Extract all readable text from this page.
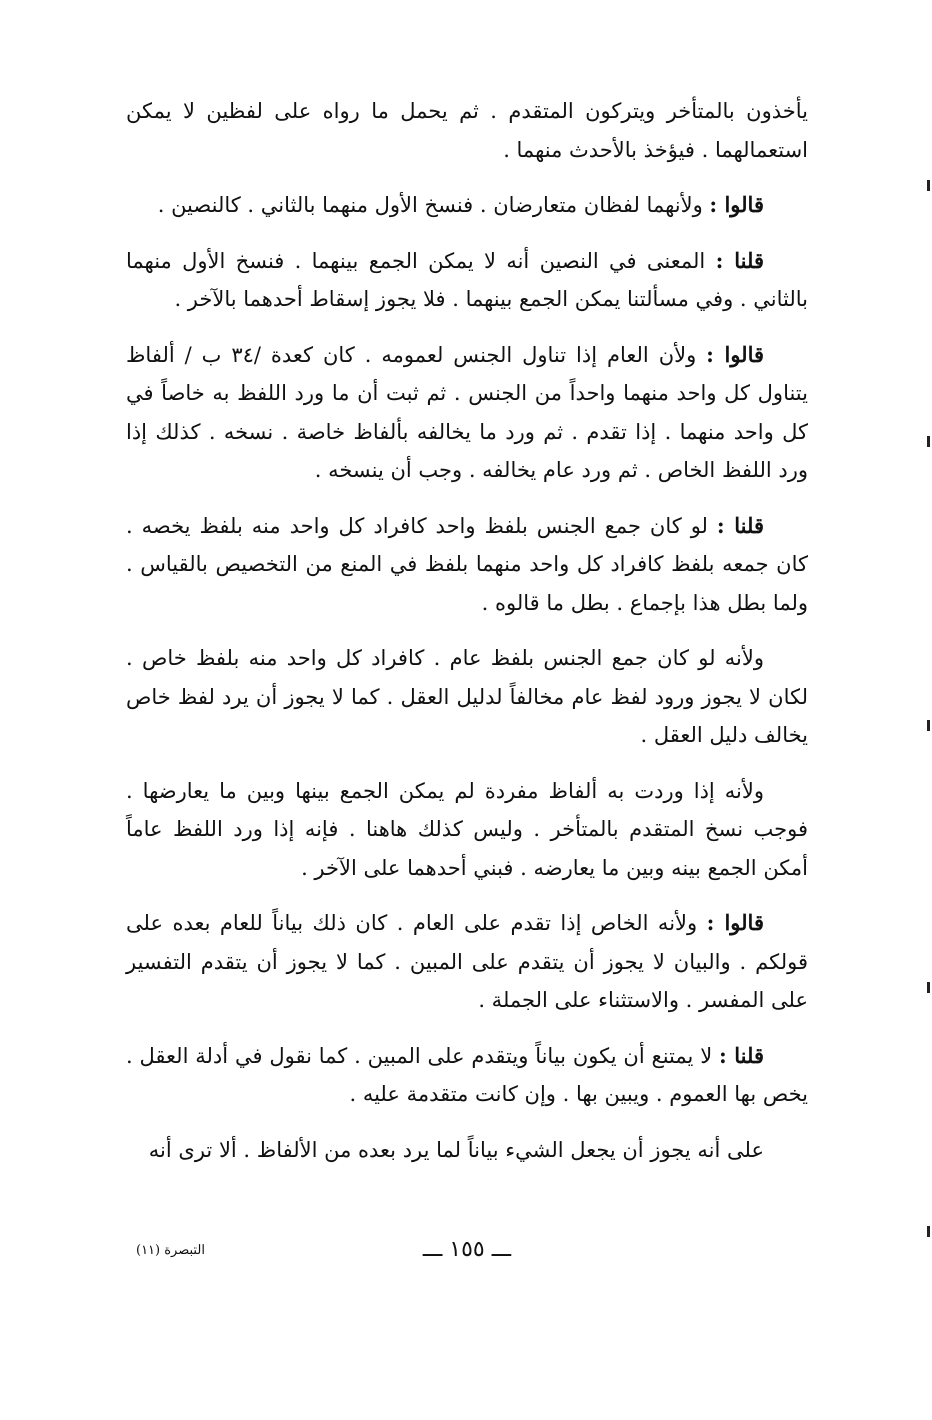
يأخذون بالمتأخر ويتركون المتقدم . ثم يحمل ما رواه على لفظين لا يمكن استعمالهما . فيؤخذ بالأحدث منهما .

قالوا : ولأنهما لفظان متعارضان . فنسخ الأول منهما بالثاني . كالنصين .

قلنا : المعنى في النصين أنه لا يمكن الجمع بينهما . فنسخ الأول منهما بالثاني . وفي مسألتنا يمكن الجمع بينهما . فلا يجوز إسقاط أحدهما بالآخر .

قالوا : ولأن العام إذا تناول الجنس لعمومه . كان كعدة /٣٤ ب / ألفاظ يتناول كل واحد منهما واحداً من الجنس . ثم ثبت أن ما ورد اللفظ به خاصاً في كل واحد منهما . إذا تقدم . ثم ورد ما يخالفه بألفاظ خاصة . نسخه . كذلك إذا ورد اللفظ الخاص . ثم ورد عام يخالفه . وجب أن ينسخه .

قلنا : لو كان جمع الجنس بلفظ واحد كافراد كل واحد منه بلفظ يخصه . كان جمعه بلفظ كافراد كل واحد منهما بلفظ في المنع من التخصيص بالقياس . ولما بطل هذا بإجماع . بطل ما قالوه .

ولأنه لو كان جمع الجنس بلفظ عام . كافراد كل واحد منه بلفظ خاص . لكان لا يجوز ورود لفظ عام مخالفاً لدليل العقل . كما لا يجوز أن يرد لفظ خاص يخالف دليل العقل .

ولأنه إذا وردت به ألفاظ مفردة لم يمكن الجمع بينها وبين ما يعارضها . فوجب نسخ المتقدم بالمتأخر . وليس كذلك هاهنا . فإنه إذا ورد اللفظ عاماً أمكن الجمع بينه وبين ما يعارضه . فبني أحدهما على الآخر .

قالوا : ولأنه الخاص إذا تقدم على العام . كان ذلك بياناً للعام بعده على قولكم . والبيان لا يجوز أن يتقدم على المبين . كما لا يجوز أن يتقدم التفسير على المفسر . والاستثناء على الجملة .

قلنا : لا يمتنع أن يكون بياناً ويتقدم على المبين . كما نقول في أدلة العقل . يخص بها العموم . ويبين بها . وإن كانت متقدمة عليه .

على أنه يجوز أن يجعل الشيء بياناً لما يرد بعده من الألفاظ . ألا ترى أنه

ـــ ١٥٥ ـــ
التبصرة (١١)
